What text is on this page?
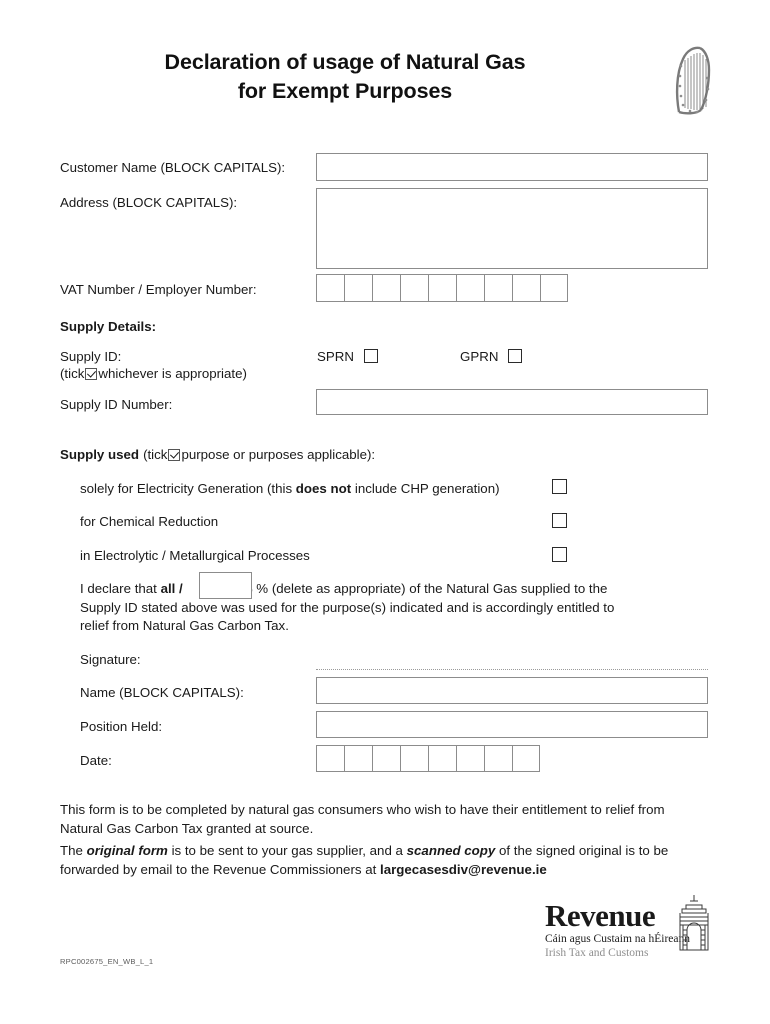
Declaration of usage of Natural Gas
for Exempt Purposes
Customer Name (BLOCK CAPITALS):
Address (BLOCK CAPITALS):
VAT Number / Employer Number:
Supply Details:
Supply ID:
(tick whichever is appropriate)
SPRN	GPRN
Supply ID Number:
Supply used (tick purpose or purposes applicable):
solely for Electricity Generation (this does not include CHP generation)
for Chemical Reduction
in Electrolytic / Metallurgical Processes
I declare that all /	% (delete as appropriate) of the Natural Gas supplied to the
Supply ID stated above was used for the purpose(s) indicated and is accordingly entitled to
relief from Natural Gas Carbon Tax.
Signature:
Name (BLOCK CAPITALS):
Position Held:
Date:
This form is to be completed by natural gas consumers who wish to have their entitlement to relief from Natural Gas Carbon Tax granted at source.
The original form is to be sent to your gas supplier, and a scanned copy of the signed original is to be forwarded by email to the Revenue Commissioners at largecasesdiv@revenue.ie
Revenue
Cáin agus Custaim na hÉireann
Irish Tax and Customs
RPC002675_EN_WB_L_1
